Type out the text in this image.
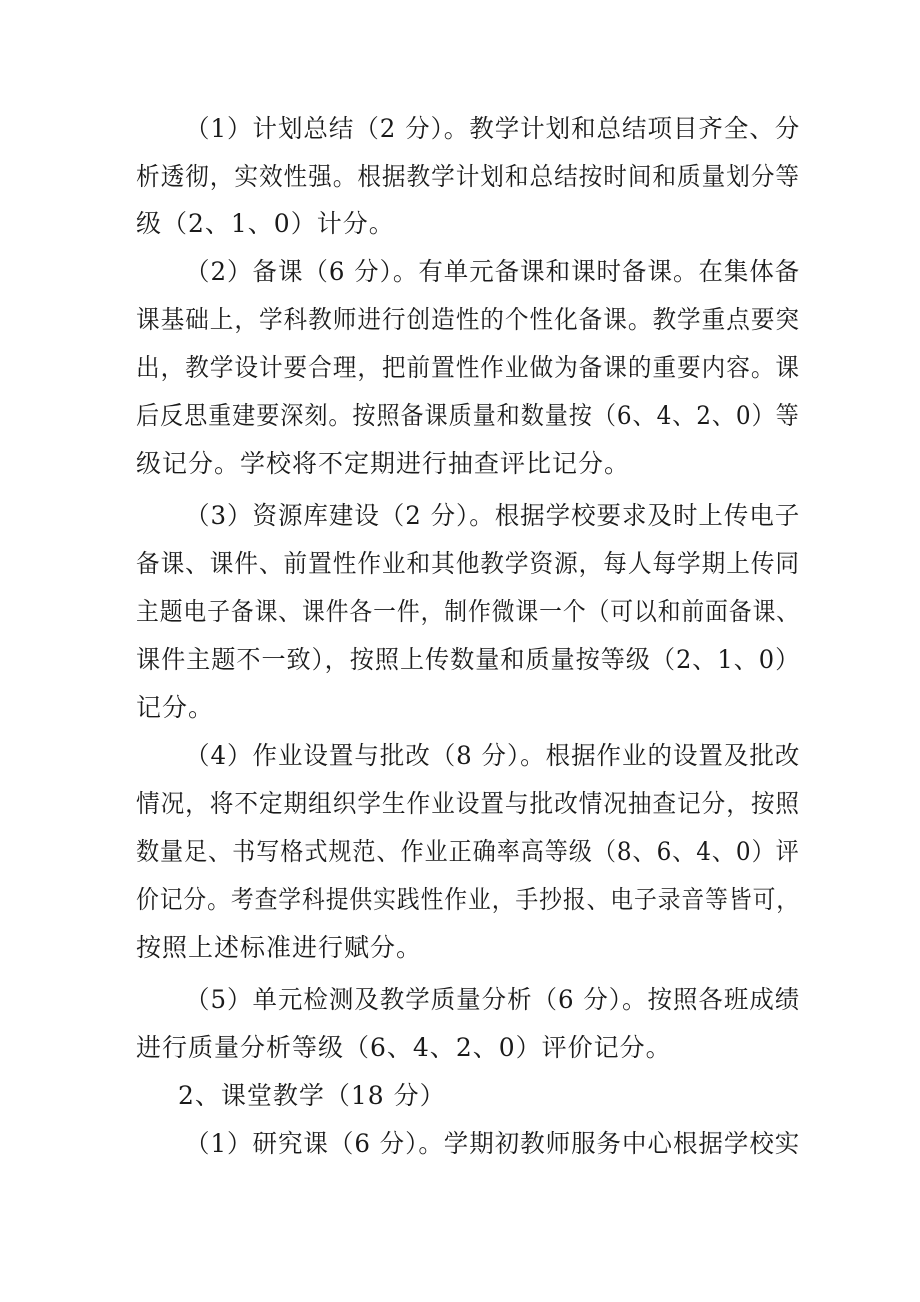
（1）计划总结（2 分）。教学计划和总结项目齐全、分
析透彻，实效性强。根据教学计划和总结按时间和质量划分等
级（2、1、0）计分。
（2）备课（6 分）。有单元备课和课时备课。在集体备
课基础上，学科教师进行创造性的个性化备课。教学重点要突
出，教学设计要合理，把前置性作业做为备课的重要内容。课
后反思重建要深刻。按照备课质量和数量按（6、4、2、0）等
级记分。学校将不定期进行抽查评比记分。
（3）资源库建设（2 分）。根据学校要求及时上传电子
备课、课件、前置性作业和其他教学资源，每人每学期上传同
主题电子备课、课件各一件，制作微课一个（可以和前面备课、
课件主题不一致），按照上传数量和质量按等级（2、1、0）
记分。
（4）作业设置与批改（8 分）。根据作业的设置及批改
情况，将不定期组织学生作业设置与批改情况抽查记分，按照
数量足、书写格式规范、作业正确率高等级（8、6、4、0）评
价记分。考查学科提供实践性作业，手抄报、电子录音等皆可，
按照上述标准进行赋分。
（5）单元检测及教学质量分析（6 分）。按照各班成绩
进行质量分析等级（6、4、2、0）评价记分。
2、课堂教学（18 分）
（1）研究课（6 分）。学期初教师服务中心根据学校实
